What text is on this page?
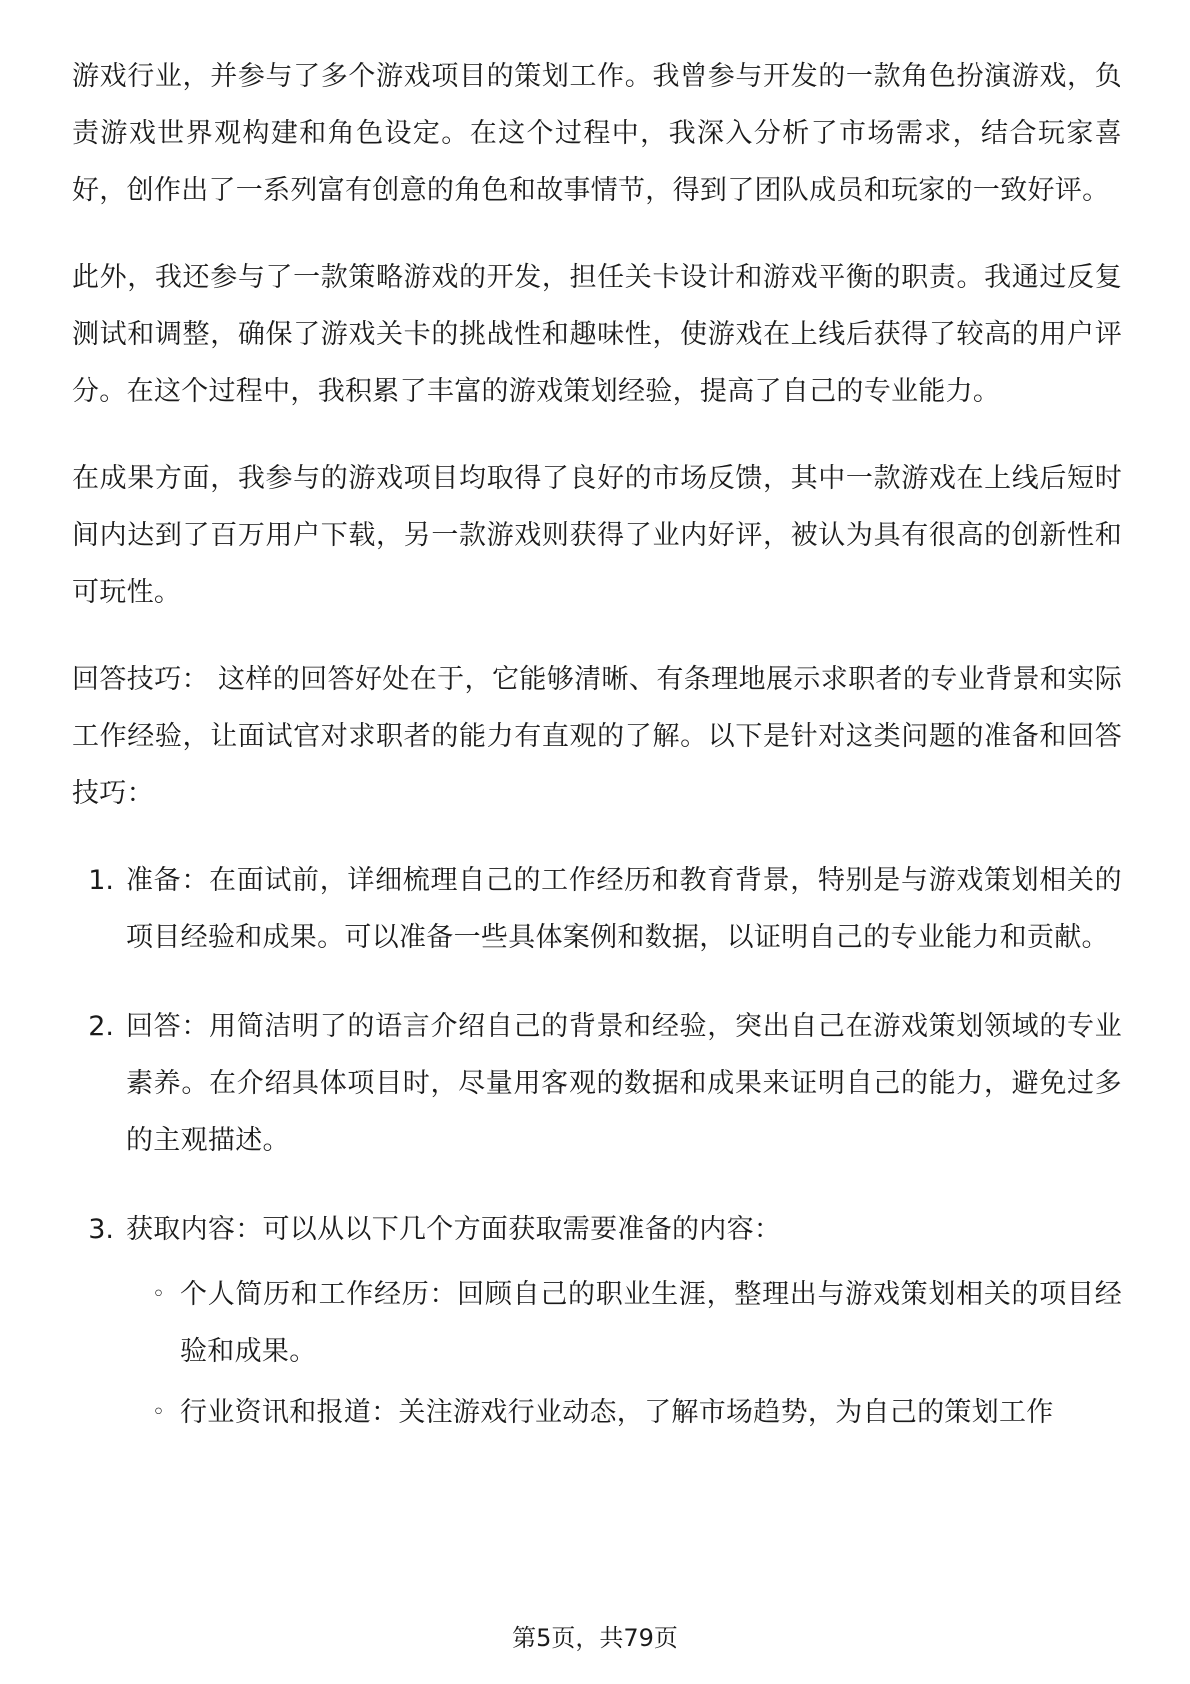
游戏行业，并参与了多个游戏项目的策划工作。我曾参与开发的一款角色扮演游戏，负责游戏世界观构建和角色设定。在这个过程中，我深入分析了市场需求，结合玩家喜好，创作出了一系列富有创意的角色和故事情节，得到了团队成员和玩家的一致好评。

此外，我还参与了一款策略游戏的开发，担任关卡设计和游戏平衡的职责。我通过反复测试和调整，确保了游戏关卡的挑战性和趣味性，使游戏在上线后获得了较高的用户评分。在这个过程中，我积累了丰富的游戏策划经验，提高了自己的专业能力。

在成果方面，我参与的游戏项目均取得了良好的市场反馈，其中一款游戏在上线后短时间内达到了百万用户下载，另一款游戏则获得了业内好评，被认为具有很高的创新性和可玩性。

回答技巧： 这样的回答好处在于，它能够清晰、有条理地展示求职者的专业背景和实际工作经验，让面试官对求职者的能力有直观的了解。以下是针对这类问题的准备和回答技巧：

1. 准备：在面试前，详细梳理自己的工作经历和教育背景，特别是与游戏策划相关的项目经验和成果。可以准备一些具体案例和数据，以证明自己的专业能力和贡献。
2. 回答：用简洁明了的语言介绍自己的背景和经验，突出自己在游戏策划领域的专业素养。在介绍具体项目时，尽量用客观的数据和成果来证明自己的能力，避免过多的主观描述。
3. 获取内容：可以从以下几个方面获取需要准备的内容：
◦ 个人简历和工作经历：回顾自己的职业生涯，整理出与游戏策划相关的项目经验和成果。
◦ 行业资讯和报道：关注游戏行业动态，了解市场趋势，为自己的策划工作
第5页，共79页
